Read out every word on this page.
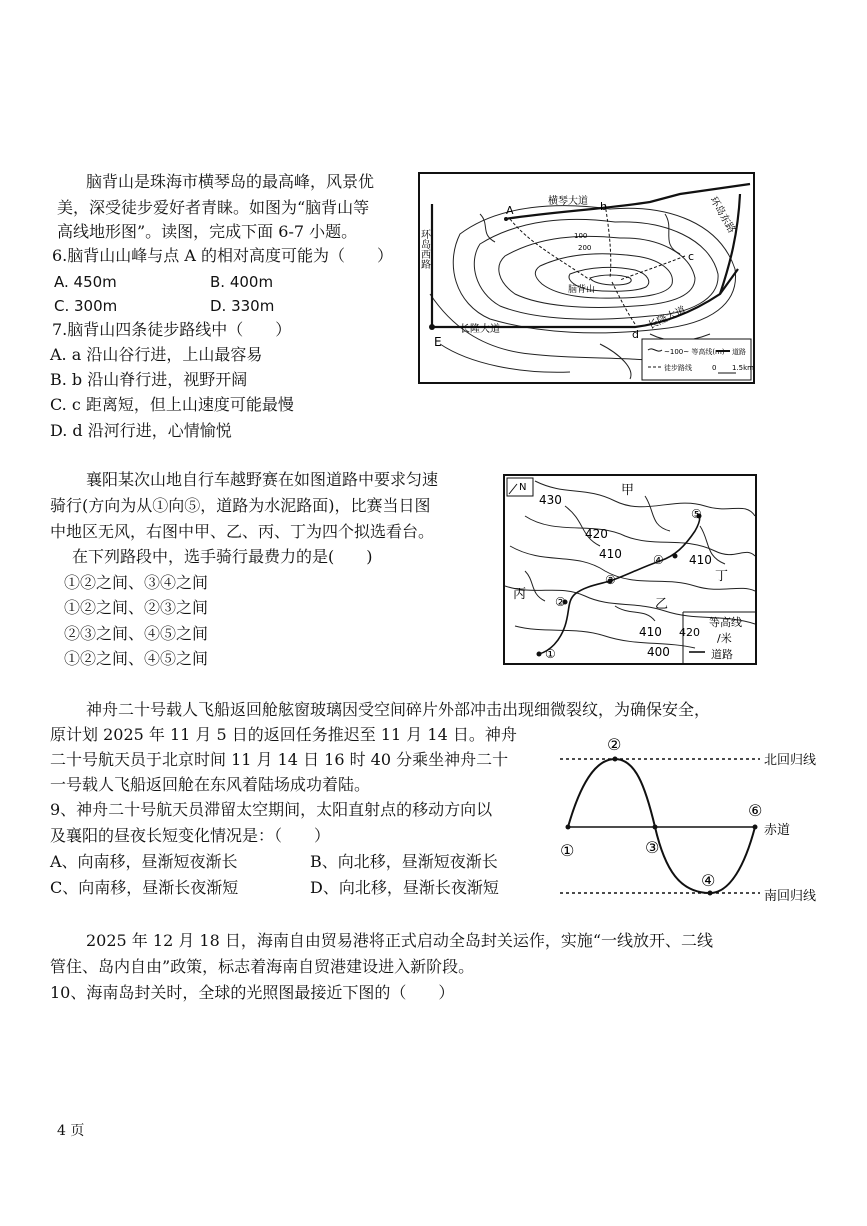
脑背山是珠海市横琴岛的最高峰，风景优
美，深受徒步爱好者青睐。如图为“脑背山等
高线地形图”。读图，完成下面 6-7 小题。
6.脑背山山峰与点 A 的相对高度可能为（　　）
A. 450m	B. 400m
C. 300m	D. 330m
7.脑背山四条徒步路线中（　　）
A. a 沿山谷行进，上山最容易
B. b 沿山脊行进，视野开阔
C. c 距离短，但上山速度可能最慢
D. d 沿河行进，心情愉悦
~100~ 等高线(m) 道路
徒步路线	0 1.5km
横琴大道
环岛西路
环岛东路
长隆大道	长隆大道
脑背山
A	b
c
d
E
100
200
襄阳某次山地自行车越野赛在如图道路中要求匀速
骑行(方向为从①向⑤，道路为水泥路面)，比赛当日图
中地区无风，右图中甲、乙、丙、丁为四个拟选看台。
在下列路段中，选手骑行最费力的是(　　)
①②之间、③④之间
①②之间、②③之间
②③之间、④⑤之间
①②之间、④⑤之间
N
430
420
410	410
410 420
400
甲
乙
丙
丁
①
②
③
④
⑤
等高线
/米
道路
神舟二十号载人飞船返回舱舷窗玻璃因受空间碎片外部冲击出现细微裂纹，为确保安全，
原计划 2025 年 11 月 5 日的返回任务推迟至 11 月 14 日。神舟
二十号航天员于北京时间 11 月 14 日 16 时 40 分乘坐神舟二十
一号载人飞船返回舱在东风着陆场成功着陆。
9、神舟二十号航天员滞留太空期间，太阳直射点的移动方向以
及襄阳的昼夜长短变化情况是：（　　）
A、向南移，昼渐短夜渐长	B、向北移，昼渐短夜渐长
C、向南移，昼渐长夜渐短	D、向北移，昼渐长夜渐短
北回归线
赤道
南回归线
①
②
③
④
⑥
2025 年 12 月 18 日，海南自由贸易港将正式启动全岛封关运作，实施“一线放开、二线
管住、岛内自由”政策，标志着海南自贸港建设进入新阶段。
10、海南岛封关时，全球的光照图最接近下图的（　　）
4 页
